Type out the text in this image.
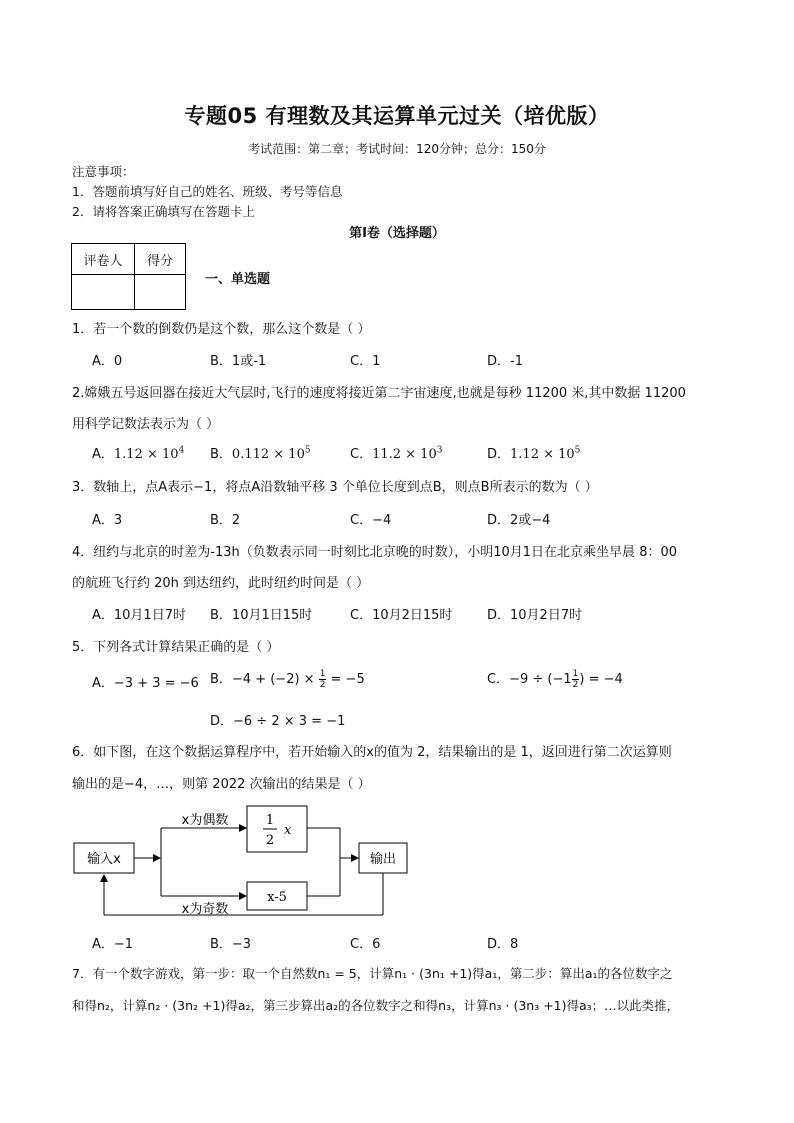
专题05 有理数及其运算单元过关（培优版）
考试范围：第二章；考试时间：120分钟；总分：150分
注意事项：
1．答题前填写好自己的姓名、班级、考号等信息
2．请将答案正确填写在答题卡上
第Ⅰ卷（选择题）
评卷人	得分

一、单选题
1．若一个数的倒数仍是这个数，那么这个数是（ ）
A．0	B．1或-1	C．1	D．-1
2.嫦娥五号返回器在接近大气层时,飞行的速度将接近第二宇宙速度,也就是每秒 11200 米,其中数据 11200
用科学记数法表示为（ ）
A．$1.12 \times 10^4$ B．$0.112 \times 10^5$	C．$11.2 \times 10^3$	D．$1.12 \times 10^5$
3．数轴上，点A表示−1，将点A沿数轴平移 3 个单位长度到点B，则点B所表示的数为（ ）
A．3	B．2	C．−4	D．2或−4
4．纽约与北京的时差为-13h（负数表示同一时刻比北京晚的时数），小明10月1日在北京乘坐早晨 8：00
的航班飞行约 20h 到达纽约，此时纽约时间是（ ）
A．10月1日7时 B．10月1日15时	C．10月2日15时	D．10月2日7时
5．下列各式计算结果正确的是（ ）
A．−3 + 3 = −6 B．$-4 + (-2) \times \frac{1}{2} = -5$	C．$-9 \div (-1 \frac{1}{2}$ ) = −4
D．−6 ÷ 2 × 3 = −1
6．如下图，在这个数据运算程序中，若开始输入的x的值为 2，结果输出的是 1，返回进行第二次运算则
输出的是−4，…，则第 2022 次输出的结果是（ ）
输入x
x为偶数	1
2
x
x为奇数
x-5
输出
A．−1	B．−3	C．6	D．8
7．有一个数字游戏，第一步：取一个自然数n₁ = 5，计算n₁ · (3n₁ +1)得a₁，第二步：算出a₁的各位数字之
和得n₂，计算n₂ · (3n₂ +1)得a₂，第三步算出a₂的各位数字之和得n₃，计算n₃ · (3n₃ +1)得a₃；…以此类推，
